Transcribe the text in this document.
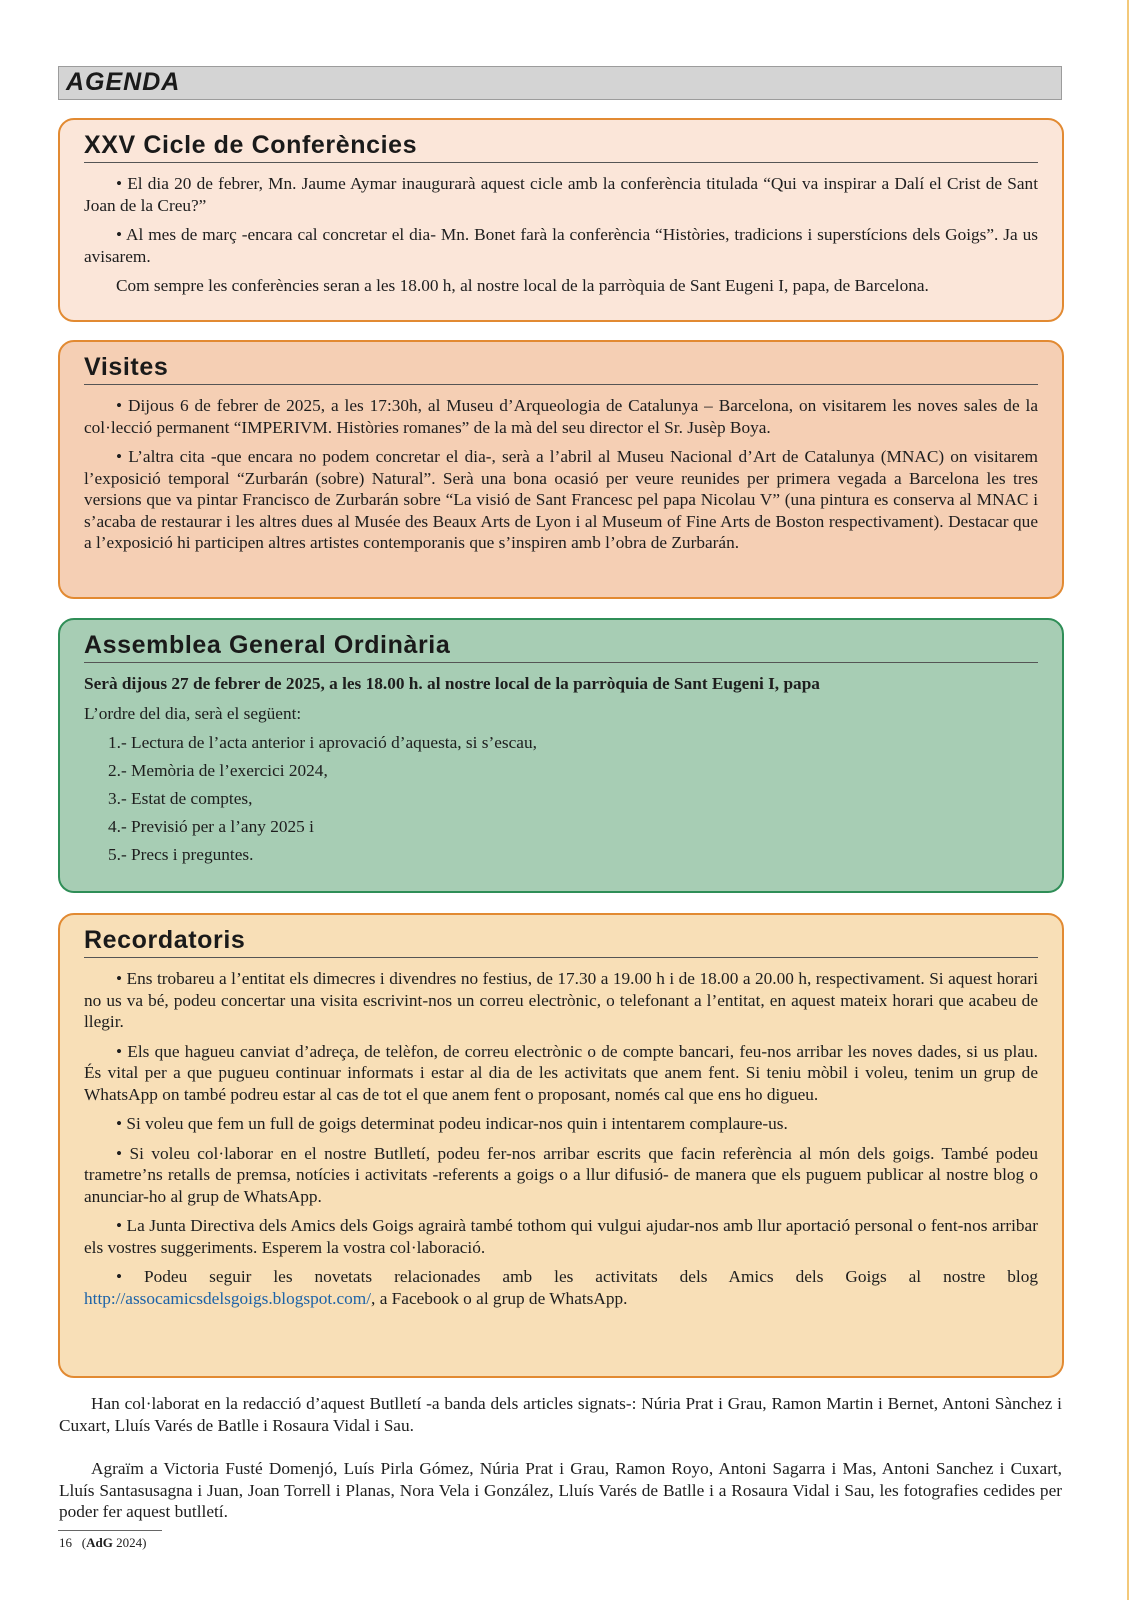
AGENDA
XXV Cicle de Conferències

• El dia 20 de febrer, Mn. Jaume Aymar inaugurarà aquest cicle amb la conferència titulada “Qui va inspirar a Dalí el Crist de Sant Joan de la Creu?”

• Al mes de març -encara cal concretar el dia- Mn. Bonet farà la conferència “Històries, tradicions i superstícions dels Goigs”. Ja us avisarem.

Com sempre les conferències seran a les 18.00 h, al nostre local de la parròquia de Sant Eugeni I, papa, de Barcelona.

Visites

• Dijous 6 de febrer de 2025, a les 17:30h, al Museu d’Arqueologia de Catalunya – Barcelona, on visitarem les noves sales de la col·lecció permanent “IMPERIVM. Històries romanes” de la mà del seu director el Sr. Jusèp Boya.

• L’altra cita -que encara no podem concretar el dia-, serà a l’abril al Museu Nacional d’Art de Catalunya (MNAC) on visitarem l’exposició temporal “Zurbarán (sobre) Natural”. Serà una bona ocasió per veure reunides per primera vegada a Barcelona les tres versions que va pintar Francisco de Zurbarán sobre “La visió de Sant Francesc pel papa Nicolau V” (una pintura es conserva al MNAC i s’acaba de restaurar i les altres dues al Musée des Beaux Arts de Lyon i al Museum of Fine Arts de Boston respectivament). Destacar que a l’exposició hi participen altres artistes contemporanis que s’inspiren amb l’obra de Zurbarán.

Assemblea General Ordinària

Serà dijous 27 de febrer de 2025, a les 18.00 h. al nostre local de la parròquia de Sant Eugeni I, papa

L’ordre del dia, serà el següent:

1.- Lectura de l’acta anterior i aprovació d’aquesta, si s’escau,
2.- Memòria de l’exercici 2024,
3.- Estat de comptes,
4.- Previsió per a l’any 2025 i
5.- Precs i preguntes.
Recordatoris

• Ens trobareu a l’entitat els dimecres i divendres no festius, de 17.30 a 19.00 h i de 18.00 a 20.00 h, respectivament. Si aquest horari no us va bé, podeu concertar una visita escrivint-nos un correu electrònic, o telefonant a l’entitat, en aquest mateix horari que acabeu de llegir.

• Els que hagueu canviat d’adreça, de telèfon, de correu electrònic o de compte bancari, feu-nos arribar les noves dades, si us plau. És vital per a que pugueu continuar informats i estar al dia de les activitats que anem fent. Si teniu mòbil i voleu, tenim un grup de WhatsApp on també podreu estar al cas de tot el que anem fent o proposant, només cal que ens ho digueu.

• Si voleu que fem un full de goigs determinat podeu indicar-nos quin i intentarem complaure-us.

• Si voleu col·laborar en el nostre Butlletí, podeu fer-nos arribar escrits que facin referència al món dels goigs. També podeu trametre’ns retalls de premsa, notícies i activitats -referents a goigs o a llur difusió- de manera que els puguem publicar al nostre blog o anunciar-ho al grup de WhatsApp.

• La Junta Directiva dels Amics dels Goigs agrairà també tothom qui vulgui ajudar-nos amb llur aportació personal o fent-nos arribar els vostres suggeriments. Esperem la vostra col·laboració.

• Podeu seguir les novetats relacionades amb les activitats dels Amics dels Goigs al nostre blog http://assocamicsdelsgoigs.blogspot.com/, a Facebook o al grup de WhatsApp.

Han col·laborat en la redacció d’aquest Butlletí -a banda dels articles signats-: Núria Prat i Grau, Ramon Martin i Bernet, Antoni Sànchez i Cuxart, Lluís Varés de Batlle i Rosaura Vidal i Sau.

Agraïm a Victoria Fusté Domenjó, Luís Pirla Gómez, Núria Prat i Grau, Ramon Royo, Antoni Sagarra i Mas, Antoni Sanchez i Cuxart, Lluís Santasusagna i Juan, Joan Torrell i Planas, Nora Vela i González, Lluís Varés de Batlle i a Rosaura Vidal i Sau, les fotografies cedides per poder fer aquest butlletí.

16   (AdG 2024)
